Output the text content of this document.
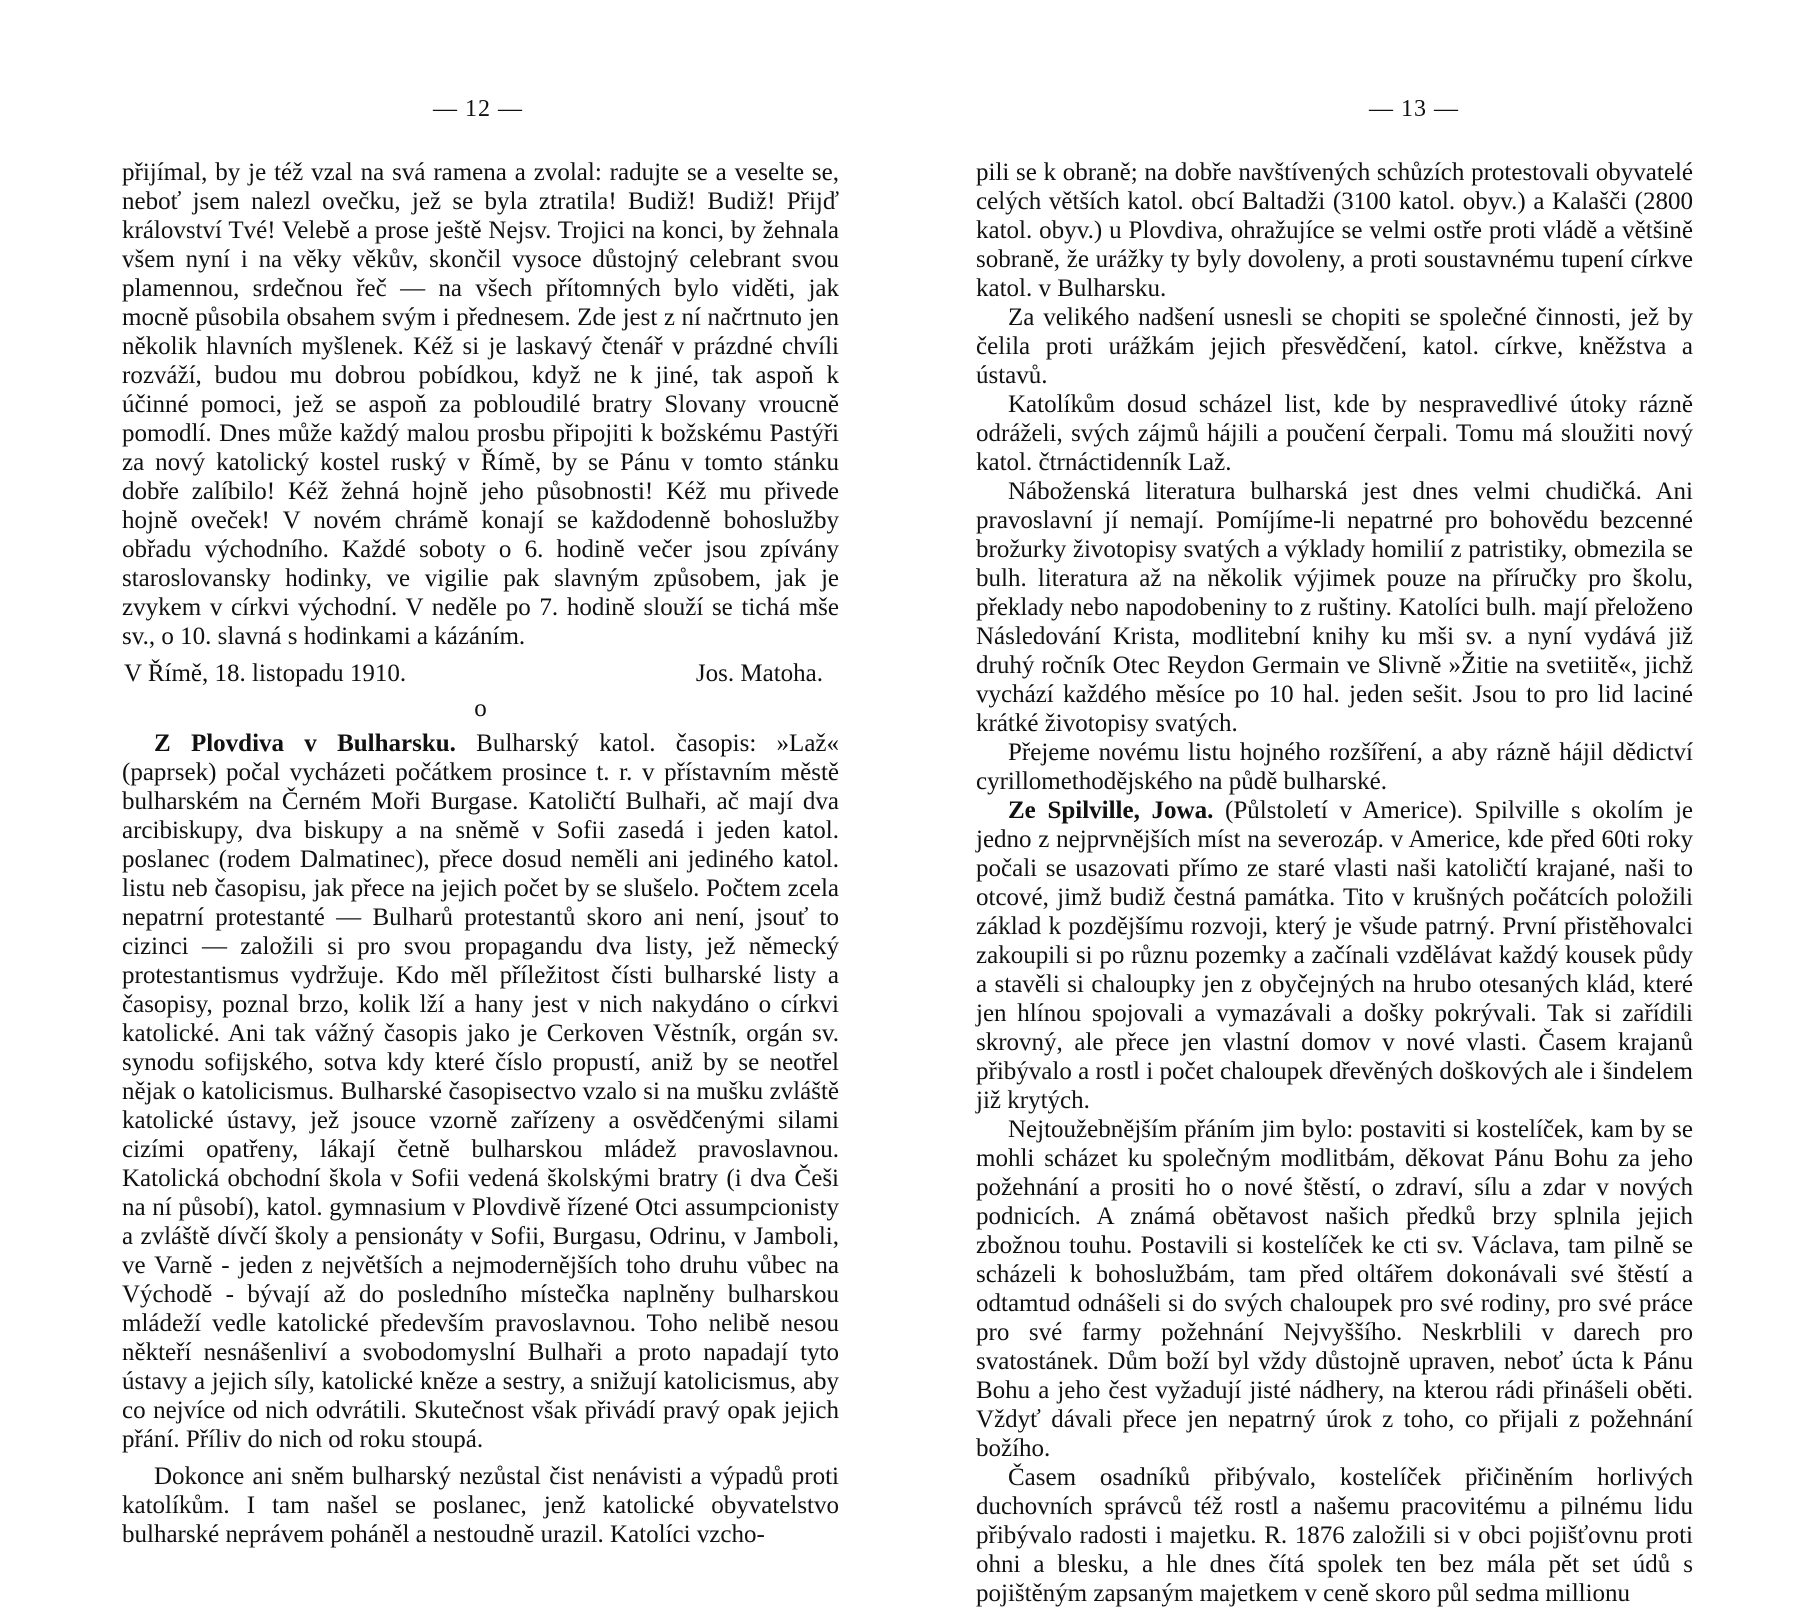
— 12 —

přijímal, by je též vzal na svá ramena a zvolal: radujte se a veselte se, neboť jsem nalezl ovečku, jež se byla ztratila! Budiž! Budiž! Přijď království Tvé! Velebě a prose ještě Nejsv. Trojici na konci, by žehnala všem nyní i na věky věkův, skončil vysoce důstojný celebrant svou plamennou, srdečnou řeč — na všech přítomných bylo viděti, jak mocně působila obsahem svým i přednesem. Zde jest z ní načrtnuto jen několik hlavních myšlenek. Kéž si je laskavý čtenář v prázdné chvíli rozváží, budou mu dobrou pobídkou, když ne k jiné, tak aspoň k účinné pomoci, jež se aspoň za pobloudilé bratry Slovany vroucně pomodlí. Dnes může každý malou prosbu připojiti k božskému Pastýři za nový katolický kostel ruský v Římě, by se Pánu v tomto stánku dobře zalíbilo! Kéž žehná hojně jeho působnosti! Kéž mu přivede hojně oveček! V novém chrámě konají se každodenně bohoslužby obřadu východního. Každé soboty o 6. hodině večer jsou zpívány staroslovansky hodinky, ve vigilie pak slavným způsobem, jak je zvykem v církvi východní. V neděle po 7. hodině slouží se tichá mše sv., o 10. slavná s hodinkami a kázáním.

V Římě, 18. listopadu 1910.	Jos. Matoha.
o

Z Plovdiva v Bulharsku. Bulharský katol. časopis: »Laž« (paprsek) počal vycházeti počátkem prosince t. r. v přístavním městě bulharském na Černém Moři Burgase. Katoličtí Bulhaři, ač mají dva arcibiskupy, dva biskupy a na sněmě v Sofii zasedá i jeden katol. poslanec (rodem Dalmatinec), přece dosud neměli ani jediného katol. listu neb časopisu, jak přece na jejich počet by se slušelo. Počtem zcela nepatrní protestanté — Bulharů protestantů skoro ani není, jsouť to cizinci — založili si pro svou propagandu dva listy, jež německý protestantismus vydržuje. Kdo měl příležitost čísti bulharské listy a časopisy, poznal brzo, kolik lží a hany jest v nich nakydáno o církvi katolické. Ani tak vážný časopis jako je Cerkoven Věstník, orgán sv. synodu sofijského, sotva kdy které číslo propustí, aniž by se neotřel nějak o katolicismus. Bulharské časopisectvo vzalo si na mušku zvláště katolické ústavy, jež jsouce vzorně zařízeny a osvědčenými silami cizími opatřeny, lákají četně bulharskou mládež pravoslavnou. Katolická obchodní škola v Sofii vedená školskými bratry (i dva Češi na ní působí), katol. gymnasium v Plovdivě řízené Otci assumpcionisty a zvláště dívčí školy a pensionáty v Sofii, Burgasu, Odrinu, v Jamboli, ve Varně - jeden z největších a nejmodernějších toho druhu vůbec na Východě - bývají až do posledního místečka naplněny bulharskou mládeží vedle katolické především pravoslavnou. Toho nelibě nesou někteří nesnášenliví a svobodomyslní Bulhaři a proto napadají tyto ústavy a jejich síly, katolické kněze a sestry, a snižují katolicismus, aby co nejvíce od nich odvrátili. Skutečnost však přivádí pravý opak jejich přání. Příliv do nich od roku stoupá.

Dokonce ani sněm bulharský nezůstal čist nenávisti a výpadů proti katolíkům. I tam našel se poslanec, jenž katolické obyvatelstvo bulharské neprávem poháněl a nestoudně urazil. Katolíci vzcho-

— 13 —

pili se k obraně; na dobře navštívených schůzích protestovali obyvatelé celých větších katol. obcí Baltadži (3100 katol. obyv.) a Kalašči (2800 katol. obyv.) u Plovdiva, ohražujíce se velmi ostře proti vládě a většině sobraně, že urážky ty byly dovoleny, a proti soustavnému tupení církve katol. v Bulharsku.

Za velikého nadšení usnesli se chopiti se společné činnosti, jež by čelila proti urážkám jejich přesvědčení, katol. církve, kněžstva a ústavů.

Katolíkům dosud scházel list, kde by nespravedlivé útoky rázně odráželi, svých zájmů hájili a poučení čerpali. Tomu má sloužiti nový katol. čtrnáctidenník Laž.

Náboženská literatura bulharská jest dnes velmi chudičká. Ani pravoslavní jí nemají. Pomíjíme-li nepatrné pro bohovědu bezcenné brožurky životopisy svatých a výklady homilií z patristiky, obmezila se bulh. literatura až na několik výjimek pouze na příručky pro školu, překlady nebo napodobeniny to z ruštiny. Katolíci bulh. mají přeloženo Následování Krista, modlitební knihy ku mši sv. a nyní vydává již druhý ročník Otec Reydon Germain ve Slivně »Žitie na svetiitě«, jichž vychází každého měsíce po 10 hal. jeden sešit. Jsou to pro lid laciné krátké životopisy svatých.

Přejeme novému listu hojného rozšíření, a aby rázně hájil dědictví cyrillomethodějského na půdě bulharské.

Ze Spilville, Jowa. (Půlstoletí v Americe). Spilville s okolím je jedno z nejprvnějších míst na severozáp. v Americe, kde před 60ti roky počali se usazovati přímo ze staré vlasti naši katoličtí krajané, naši to otcové, jimž budiž čestná památka. Tito v krušných počátcích položili základ k pozdějšímu rozvoji, který je všude patrný. První přistěhovalci zakoupili si po různu pozemky a začínali vzdělávat každý kousek půdy a stavěli si chaloupky jen z obyčejných na hrubo otesaných klád, které jen hlínou spojovali a vymazávali a došky pokrývali. Tak si zařídili skrovný, ale přece jen vlastní domov v nové vlasti. Časem krajanů přibývalo a rostl i počet chaloupek dřevěných doškových ale i šindelem již krytých.

Nejtoužebnějším přáním jim bylo: postaviti si kostelíček, kam by se mohli scházet ku společným modlitbám, děkovat Pánu Bohu za jeho požehnání a prositi ho o nové štěstí, o zdraví, sílu a zdar v nových podnicích. A známá obětavost našich předků brzy splnila jejich zbožnou touhu. Postavili si kostelíček ke cti sv. Václava, tam pilně se scházeli k bohoslužbám, tam před oltářem dokonávali své štěstí a odtamtud odnášeli si do svých chaloupek pro své rodiny, pro své práce pro své farmy požehnání Nejvyššího. Neskrblili v darech pro svatostánek. Dům boží byl vždy důstojně upraven, neboť úcta k Pánu Bohu a jeho čest vyžadují jisté nádhery, na kterou rádi přinášeli oběti. Vždyť dávali přece jen nepatrný úrok z toho, co přijali z požehnání božího.

Časem osadníků přibývalo, kostelíček přičiněním horlivých duchovních správců též rostl a našemu pracovitému a pilnému lidu přibývalo radosti i majetku. R. 1876 založili si v obci pojišťovnu proti ohni a blesku, a hle dnes čítá spolek ten bez mála pět set údů s pojištěným zapsaným majetkem v ceně skoro půl sedma millionu
